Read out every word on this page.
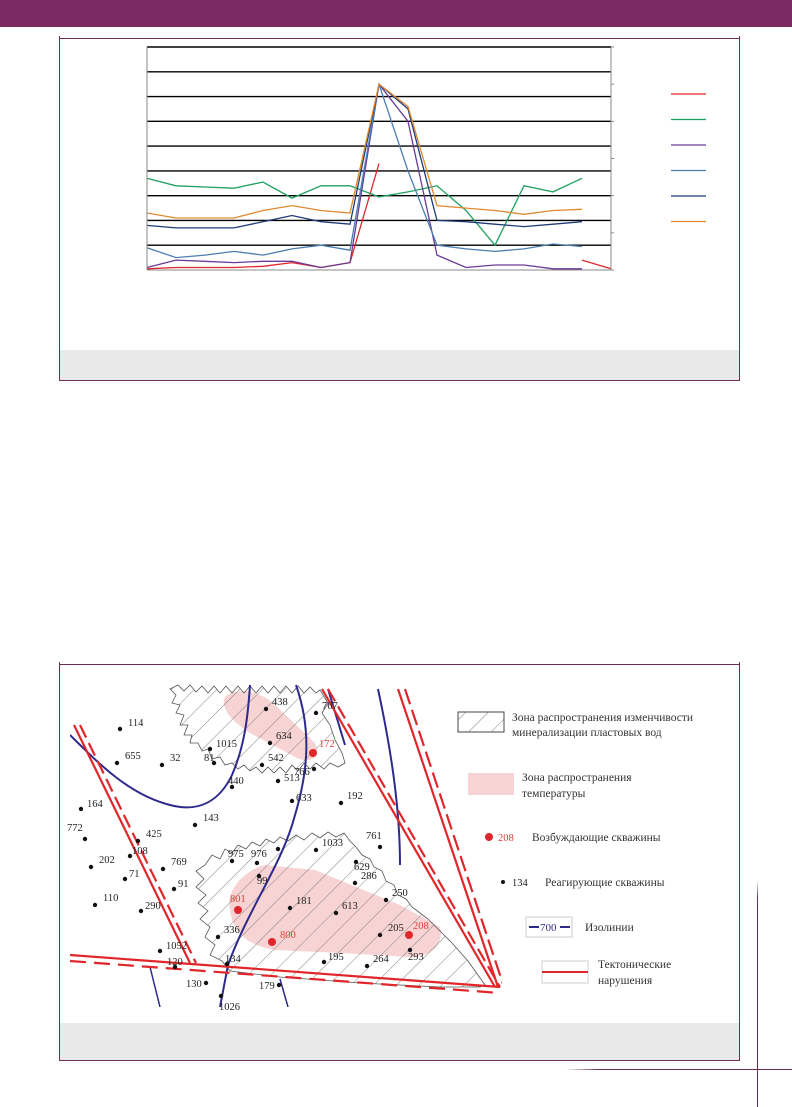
114
655	32
1015
81
440
438	767
634
542
513
766
633	192
164
143
772
425
108
202	769
71
91
110
290
975 976
99
1033
761
629
286
250
181	613
205
293
336
1052
120	134	195	264
130
1026
179
172
801
800
208
Зона распространения изменчивости
минерализации пластовых вод
Зона распространения
температуры
208 Возбуждающие скважины
134 Реагирующие скважины
700 Изолинии
Тектонические
нарушения
